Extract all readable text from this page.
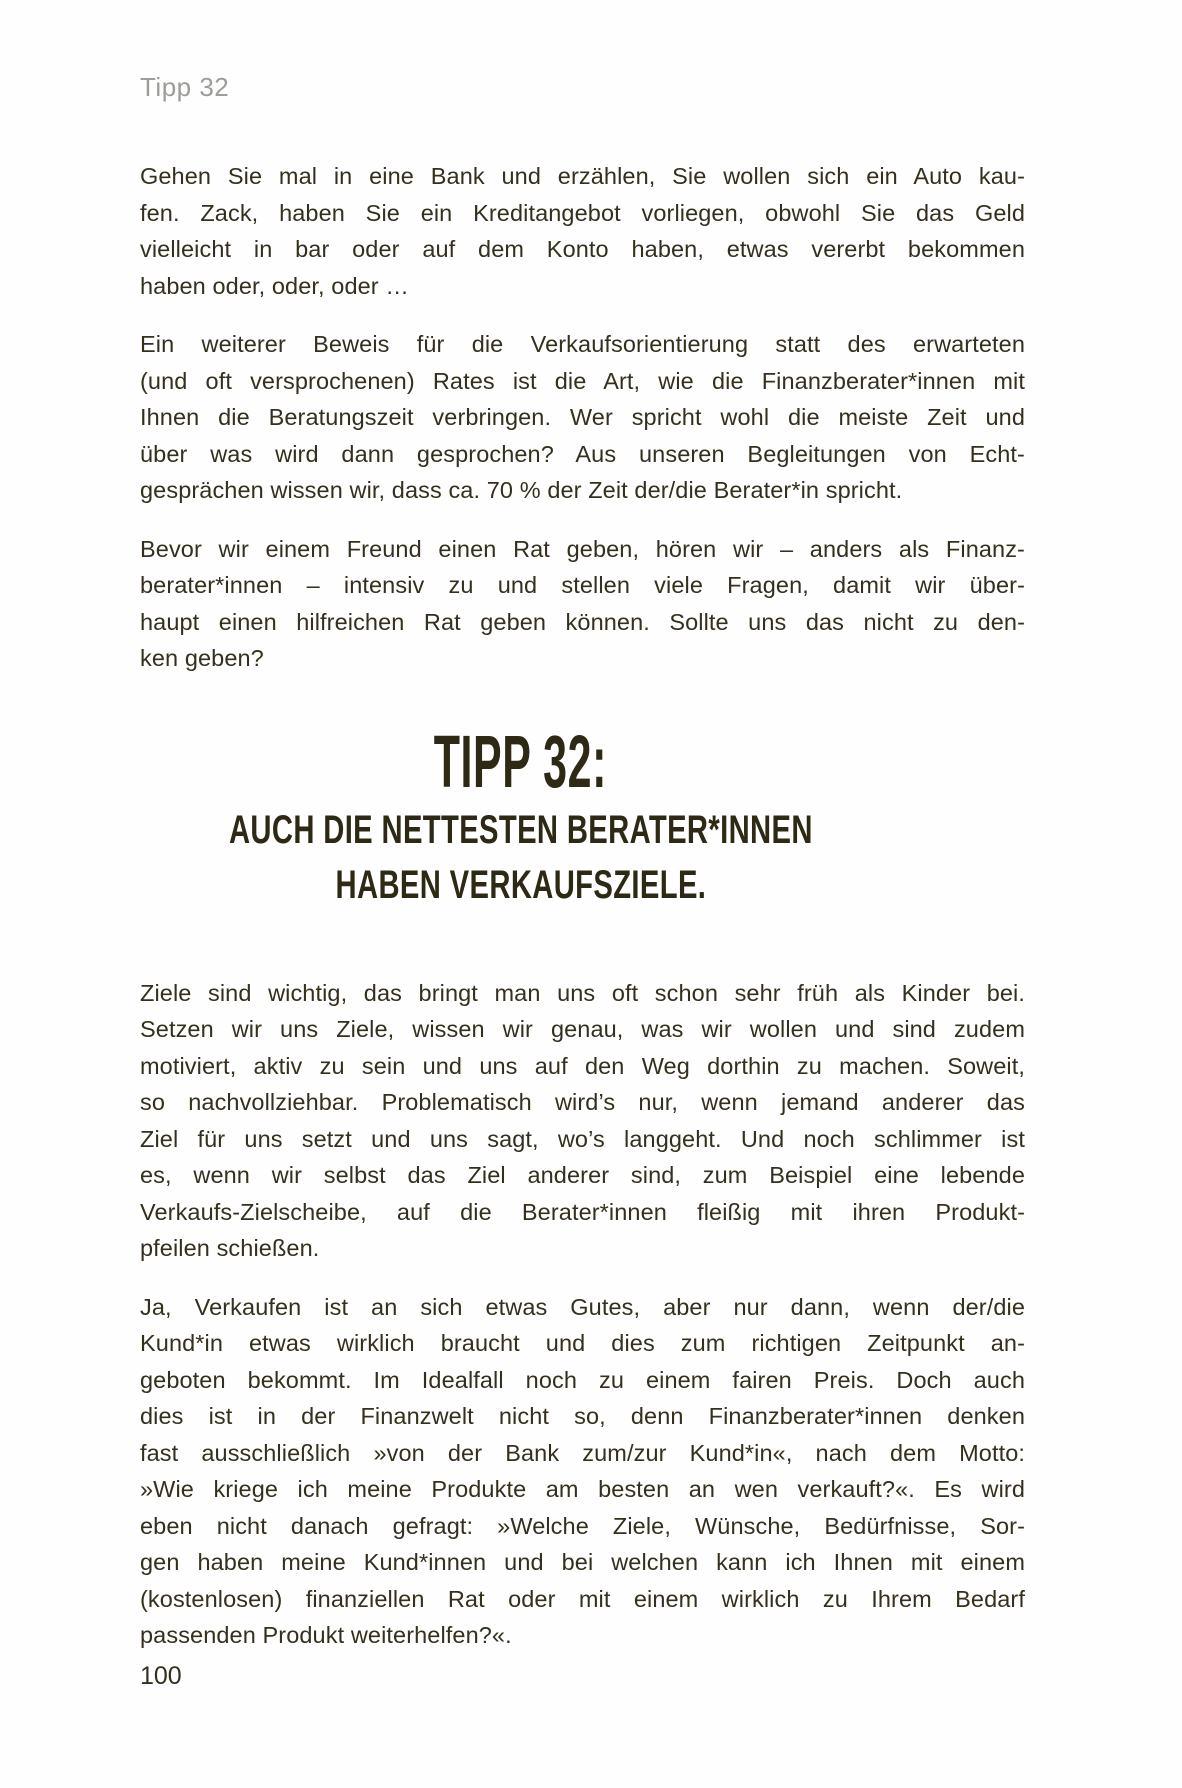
Tipp 32
Gehen Sie mal in eine Bank und erzählen, Sie wollen sich ein Auto kau-
fen. Zack, haben Sie ein Kreditangebot vorliegen, obwohl Sie das Geld
vielleicht in bar oder auf dem Konto haben, etwas vererbt bekommen
haben oder, oder, oder …
Ein weiterer Beweis für die Verkaufsorientierung statt des erwarteten
(und oft versprochenen) Rates ist die Art, wie die Finanzberater*innen mit
Ihnen die Beratungszeit verbringen. Wer spricht wohl die meiste Zeit und
über was wird dann gesprochen? Aus unseren Begleitungen von Echt-
gesprächen wissen wir, dass ca. 70 % der Zeit der/die Berater*in spricht.
Bevor wir einem Freund einen Rat geben, hören wir – anders als Finanz-
berater*innen – intensiv zu und stellen viele Fragen, damit wir über-
haupt einen hilfreichen Rat geben können. Sollte uns das nicht zu den-
ken geben?
TIPP 32:
AUCH DIE NETTESTEN BERATER*INNEN
HABEN VERKAUFSZIELE.
Ziele sind wichtig, das bringt man uns oft schon sehr früh als Kinder bei.
Setzen wir uns Ziele, wissen wir genau, was wir wollen und sind zudem
motiviert, aktiv zu sein und uns auf den Weg dorthin zu machen. Soweit,
so nachvollziehbar. Problematisch wird’s nur, wenn jemand anderer das
Ziel für uns setzt und uns sagt, wo’s langgeht. Und noch schlimmer ist
es, wenn wir selbst das Ziel anderer sind, zum Beispiel eine lebende
Verkaufs-Zielscheibe, auf die Berater*innen fleißig mit ihren Produkt-
pfeilen schießen.
Ja, Verkaufen ist an sich etwas Gutes, aber nur dann, wenn der/die
Kund*in etwas wirklich braucht und dies zum richtigen Zeitpunkt an-
geboten bekommt. Im Idealfall noch zu einem fairen Preis. Doch auch
dies ist in der Finanzwelt nicht so, denn Finanzberater*innen denken
fast ausschließlich »von der Bank zum/zur Kund*in«, nach dem Motto:
»Wie kriege ich meine Produkte am besten an wen verkauft?«. Es wird
eben nicht danach gefragt: »Welche Ziele, Wünsche, Bedürfnisse, Sor-
gen haben meine Kund*innen und bei welchen kann ich Ihnen mit einem
(kostenlosen) finanziellen Rat oder mit einem wirklich zu Ihrem Bedarf
passenden Produkt weiterhelfen?«.
100
